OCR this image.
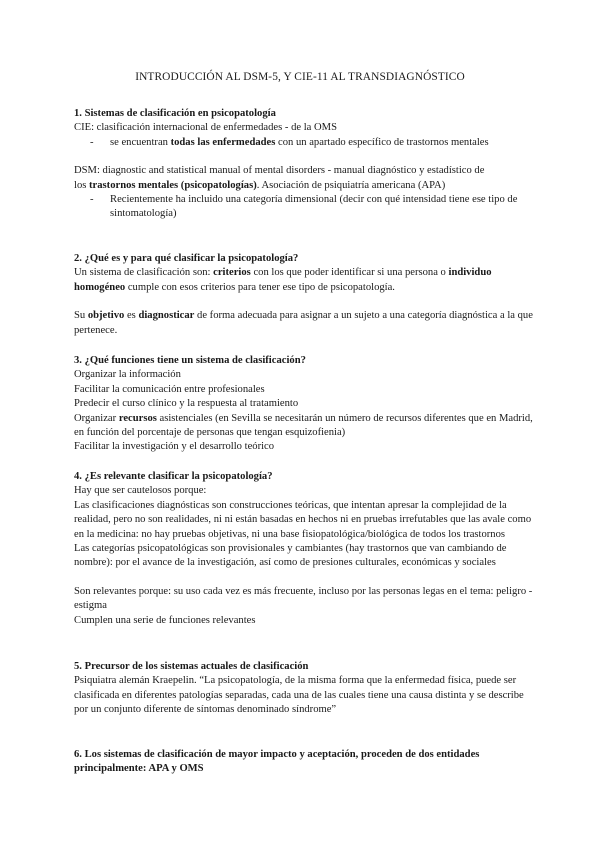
INTRODUCCIÓN AL DSM-5, Y CIE-11 AL TRANSDIAGNÓSTICO

1. Sistemas de clasificación en psicopatología

CIE: clasificación internacional de enfermedades - de la OMS

- se encuentran todas las enfermedades con un apartado específico de trastornos mentales

DSM: diagnostic and statistical manual of mental disorders - manual diagnóstico y estadístico de

los trastornos mentales (psicopatologías). Asociación de psiquiatría americana (APA)

- Recientemente ha incluido una categoría dimensional (decir con qué intensidad tiene ese tipo de sintomatología)

2. ¿Qué es y para qué clasificar la psicopatología?

Un sistema de clasificación son: criterios con los que poder identificar si una persona o individuo homogéneo cumple con esos criterios para tener ese tipo de psicopatología.

Su objetivo es diagnosticar de forma adecuada para asignar a un sujeto a una categoría diagnóstica a la que pertenece.

3. ¿Qué funciones tiene un sistema de clasificación?

Organizar la información

Facilitar la comunicación entre profesionales

Predecir el curso clínico y la respuesta al tratamiento

Organizar recursos asistenciales (en Sevilla se necesitarán un número de recursos diferentes que en Madrid, en función del porcentaje de personas que tengan esquizofienia)

Facilitar la investigación y el desarrollo teórico

4. ¿Es relevante clasificar la psicopatología?

Hay que ser cautelosos porque:

Las clasificaciones diagnósticas son construcciones teóricas, que intentan apresar la complejidad de la realidad, pero no son realidades, ni ni están basadas en hechos ni en pruebas irrefutables que las avale como en la medicina: no hay pruebas objetivas, ni una base fisiopatológica/biológica de todos los trastornos

Las categorías psicopatológicas son provisionales y cambiantes (hay trastornos que van cambiando de nombre): por el avance de la investigación, así como de presiones culturales, económicas y sociales

Son relevantes porque: su uso cada vez es más frecuente, incluso por las personas legas en el tema: peligro - estigma

Cumplen una serie de funciones relevantes

5. Precursor de los sistemas actuales de clasificación

Psiquiatra alemán Kraepelin. “La psicopatología, de la misma forma que la enfermedad física, puede ser clasificada en diferentes patologías separadas, cada una de las cuales tiene una causa distinta y se describe por un conjunto diferente de síntomas denominado síndrome”

6. Los sistemas de clasificación de mayor impacto y aceptación, proceden de dos entidades principalmente: APA y OMS
